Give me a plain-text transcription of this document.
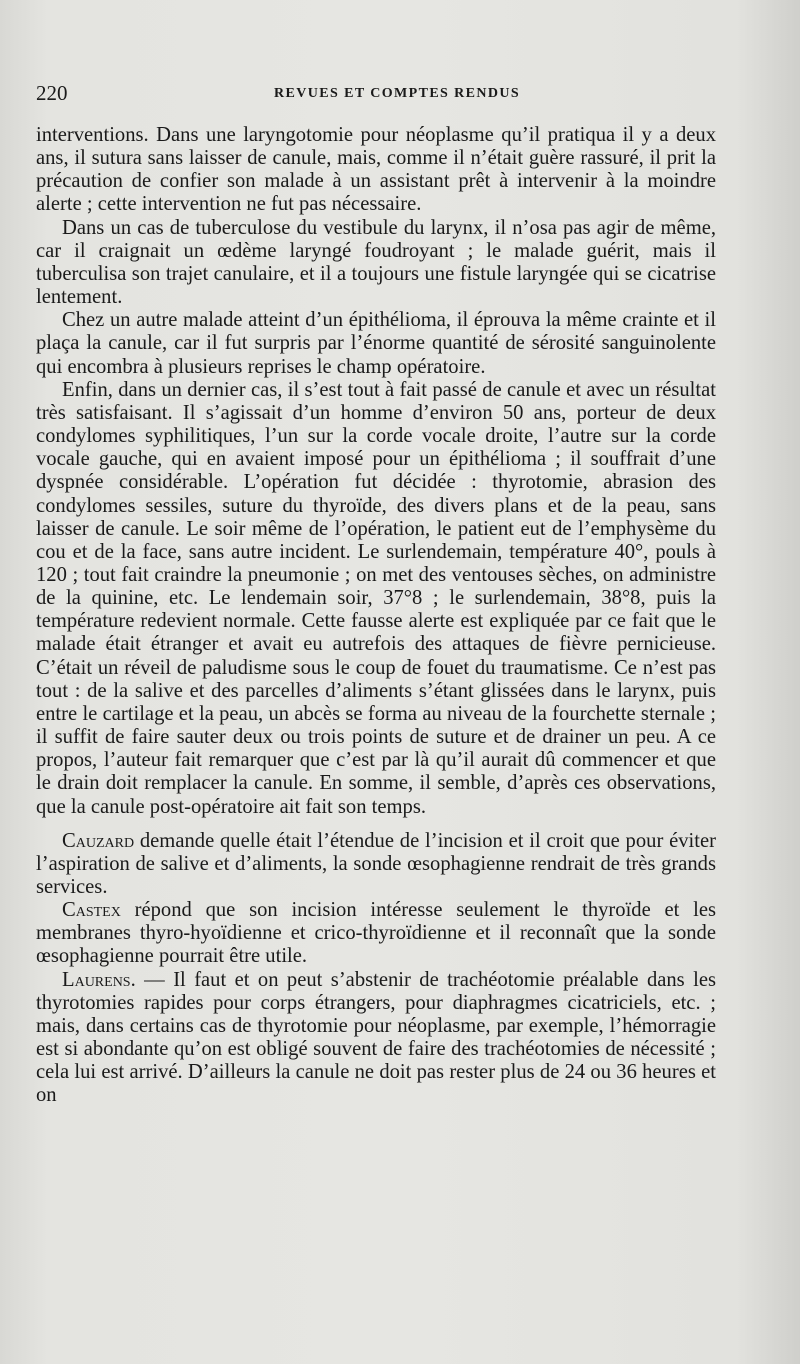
220	REVUES ET COMPTES RENDUS

interventions. Dans une laryngotomie pour néoplasme qu’il pratiqua il y a deux ans, il sutura sans laisser de canule, mais, comme il n’était guère rassuré, il prit la précaution de confier son malade à un assistant prêt à intervenir à la moindre alerte ; cette intervention ne fut pas nécessaire.

Dans un cas de tuberculose du vestibule du larynx, il n’osa pas agir de même, car il craignait un œdème laryngé foudroyant ; le malade guérit, mais il tuberculisa son trajet canulaire, et il a toujours une fistule laryngée qui se cicatrise lentement.

Chez un autre malade atteint d’un épithélioma, il éprouva la même crainte et il plaça la canule, car il fut surpris par l’énorme quantité de sérosité sanguinolente qui encombra à plusieurs reprises le champ opératoire.

Enfin, dans un dernier cas, il s’est tout à fait passé de canule et avec un résultat très satisfaisant. Il s’agissait d’un homme d’environ 50 ans, porteur de deux condylomes syphilitiques, l’un sur la corde vocale droite, l’autre sur la corde vocale gauche, qui en avaient imposé pour un épithélioma ; il souffrait d’une dyspnée considérable. L’opération fut décidée : thyrotomie, abrasion des condylomes sessiles, suture du thyroïde, des divers plans et de la peau, sans laisser de canule. Le soir même de l’opération, le patient eut de l’emphysème du cou et de la face, sans autre incident. Le surlendemain, température 40°, pouls à 120 ; tout fait craindre la pneumonie ; on met des ventouses sèches, on administre de la quinine, etc. Le lendemain soir, 37°8 ; le surlendemain, 38°8, puis la température redevient normale. Cette fausse alerte est expliquée par ce fait que le malade était étranger et avait eu autrefois des attaques de fièvre pernicieuse. C’était un réveil de paludisme sous le coup de fouet du traumatisme. Ce n’est pas tout : de la salive et des parcelles d’aliments s’étant glissées dans le larynx, puis entre le cartilage et la peau, un abcès se forma au niveau de la fourchette sternale ; il suffit de faire sauter deux ou trois points de suture et de drainer un peu. A ce propos, l’auteur fait remarquer que c’est par là qu’il aurait dû commencer et que le drain doit remplacer la canule. En somme, il semble, d’après ces observations, que la canule post-opératoire ait fait son temps.

Cauzard demande quelle était l’étendue de l’incision et il croit que pour éviter l’aspiration de salive et d’aliments, la sonde œsophagienne rendrait de très grands services.

Castex répond que son incision intéresse seulement le thyroïde et les membranes thyro-hyoïdienne et crico-thyroïdienne et il reconnaît que la sonde œsophagienne pourrait être utile.

Laurens. — Il faut et on peut s’abstenir de trachéotomie préalable dans les thyrotomies rapides pour corps étrangers, pour diaphragmes cicatriciels, etc. ; mais, dans certains cas de thyrotomie pour néoplasme, par exemple, l’hémorragie est si abondante qu’on est obligé souvent de faire des trachéotomies de nécessité ; cela lui est arrivé. D’ailleurs la canule ne doit pas rester plus de 24 ou 36 heures et on
